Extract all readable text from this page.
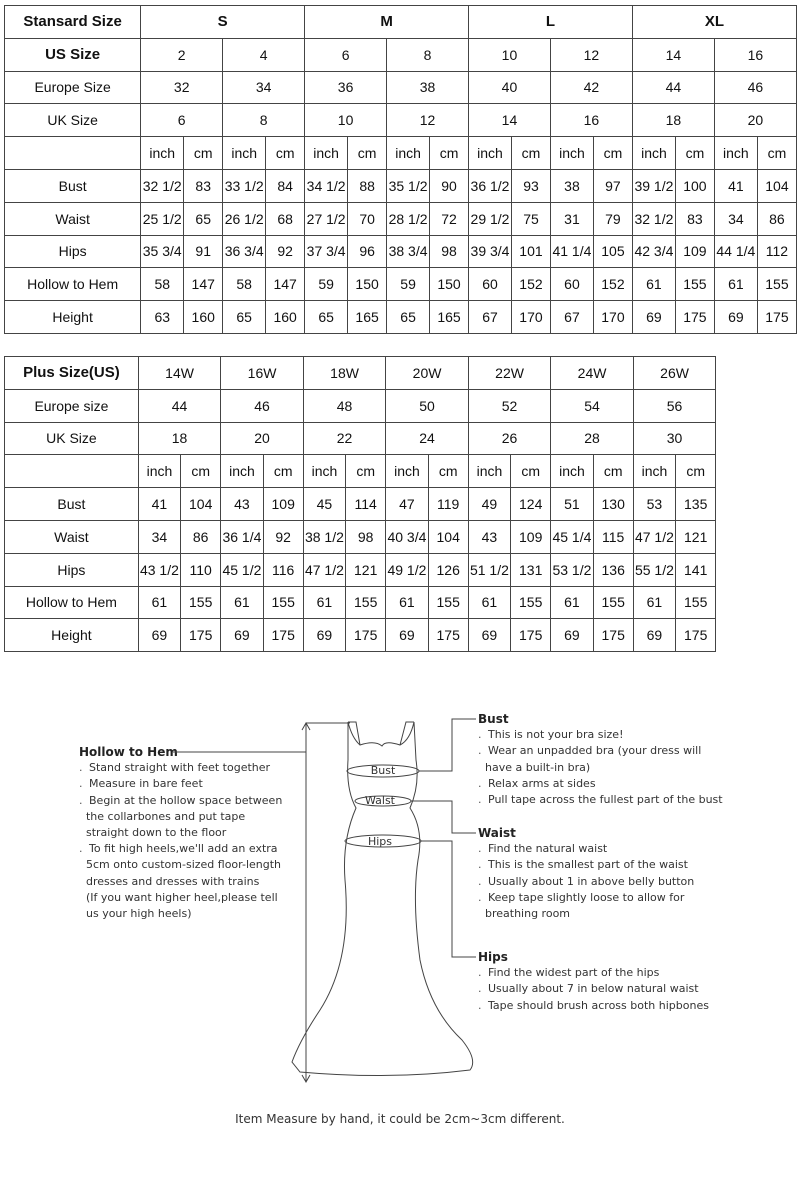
Stansard Size	S				M				L				XL			
US Size	2		4		6		8		10		12		14		16	
Europe Size	32		34		36		38		40		42		44		46	
UK Size	6		8		10		12		14		16		18		20	
	inch	cm	inch	cm	inch	cm	inch	cm	inch	cm	inch	cm	inch	cm	inch	cm
Bust	32 1/2	83	33 1/2	84	34 1/2	88	35 1/2	90	36 1/2	93	38	97	39 1/2	100	41	104
Waist	25 1/2	65	26 1/2	68	27 1/2	70	28 1/2	72	29 1/2	75	31	79	32 1/2	83	34	86
Hips	35 3/4	91	36 3/4	92	37 3/4	96	38 3/4	98	39 3/4	101	41 1/4	105	42 3/4	109	44 1/4	112
Hollow to Hem	58	147	58	147	59	150	59	150	60	152	60	152	61	155	61	155
Height	63	160	65	160	65	165	65	165	67	170	67	170	69	175	69	175
Plus Size(US)	14W		16W		18W		20W		22W		24W		26W		
Europe size	44		46		48		50		52		54		56		
UK Size	18		20		22		24		26		28		30		
	inch	cm	inch	cm	inch	cm	inch	cm	inch	cm	inch	cm	inch	cm	
Bust	41	104	43	109	45	114	47	119	49	124	51	130	53	135	
Waist	34	86	36 1/4	92	38 1/2	98	40 3/4	104	43	109	45 1/4	115	47 1/2	121	
Hips	43 1/2	110	45 1/2	116	47 1/2	121	49 1/2	126	51 1/2	131	53 1/2	136	55 1/2	141	
Hollow to Hem	61	155	61	155	61	155	61	155	61	155	61	155	61	155	
Height	69	175	69	175	69	175	69	175	69	175	69	175	69	175	
Hollow to Hem
. Stand straight with feet together
. Measure in bare feet
. Begin at the hollow space between
the collarbones and put tape
straight down to the floor
. To fit high heels,we'll add an extra
5cm onto custom-sized floor-length
dresses and dresses with trains
(If you want higher heel,please tell
us your high heels)
Bust
. This is not your bra size!
. Wear an unpadded bra (your dress will
have a built-in bra)
. Relax arms at sides
. Pull tape across the fullest part of the bust
Waist
. Find the natural waist
. This is the smallest part of the waist
. Usually about 1 in above belly button
. Keep tape slightly loose to allow for
breathing room
Hips
. Find the widest part of the hips
. Usually about 7 in below natural waist
. Tape should brush across both hipbones
Bust
Walst
Hips
Item Measure by hand, it could be 2cm~3cm different.
